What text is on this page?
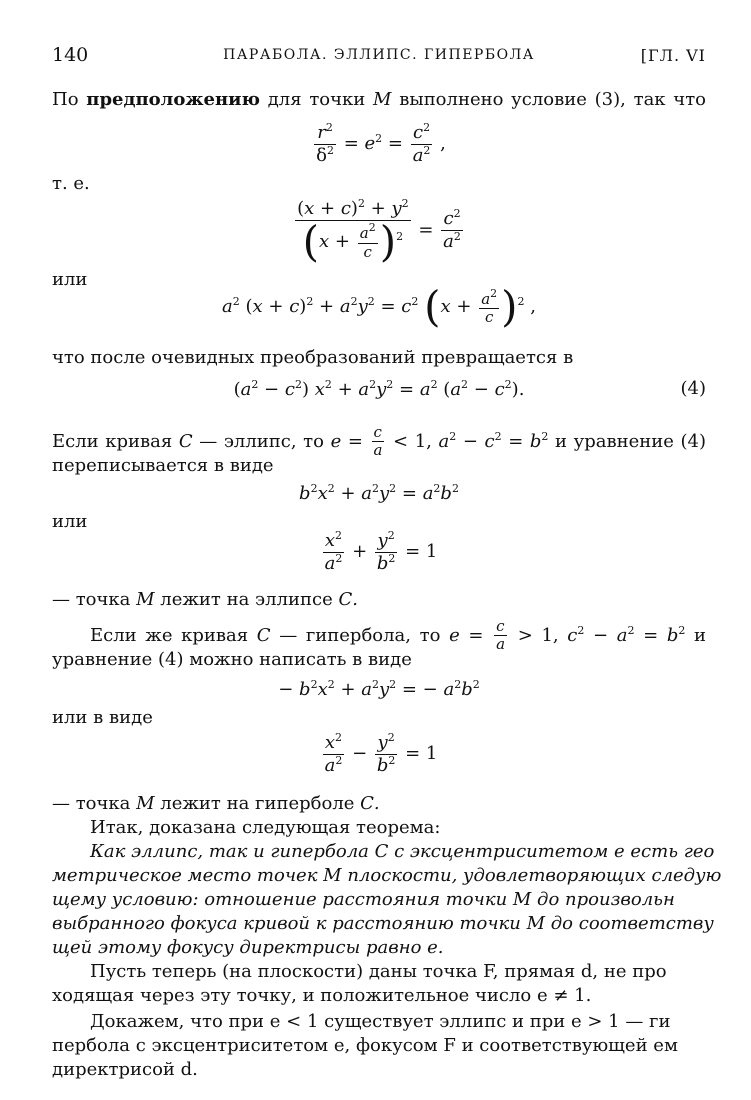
140	ПАРАБОЛА. ЭЛЛИПС. ГИПЕРБОЛА	[ГЛ. VI
По предположению для точки М выполнено условие (3), так что
$\frac{r^2}{\delta^2} = e^2 = \frac{c^2}{a^2}$ ,
т. е.
$\frac{(x + c)^2 + y^2}{(x + \frac{a^2}{c} )^2} = \frac{c^2}{a^2}$
или
$a^2$ $(x + c)^2 + a^2y^2 = c^2$ $(x + \frac{a^2}{c} )^2$ ,
что после очевидных преобразований превращается в
$(a^2 - c^2) x^2 + a^2y^2 = a^2$ $(a^2 - c^2)$.	(4)
Если кривая С — эллипс, то $e = \frac{c}{a} < 1$, $a^2 - c^2 = b^2$ и уравнение (4)
переписывается в виде
$b^2x^2 + a^2y^2 = a^2b^2$
или
$\frac{x^2}{a^2} + \frac{y^2}{b^2} = 1$
— точка М лежит на эллипсе С.
Если же кривая С — гипербола, то $e = \frac{c}{a} > 1$, $c^2 - a^2 = b^2$ и
уравнение (4) можно написать в виде
− $b^2x^2 + a^2y^2$ = − $a^2b^2$
или в виде
$\frac{x^2}{a^2} - \frac{y^2}{b^2} = 1$
— точка М лежит на гиперболе С.
Итак, доказана следующая теорема:
Как эллипс, так и гипербола С с эксцентриситетом е есть гео
метрическое место точек М плоскости, удовлетворяющих следую
щему условию: отношение расстояния точки М до произвольн
выбранного фокуса кривой к расстоянию точки М до соответству
щей этому фокусу директрисы равно е.
Пусть теперь (на плоскости) даны точка F, прямая d, не про
ходящая через эту точку, и положительное число e ≠ 1.
Докажем, что при e < 1 существует эллипс и при e > 1 — ги
пербола с эксцентриситетом e, фокусом F и соответствующей ем
директрисой d.
